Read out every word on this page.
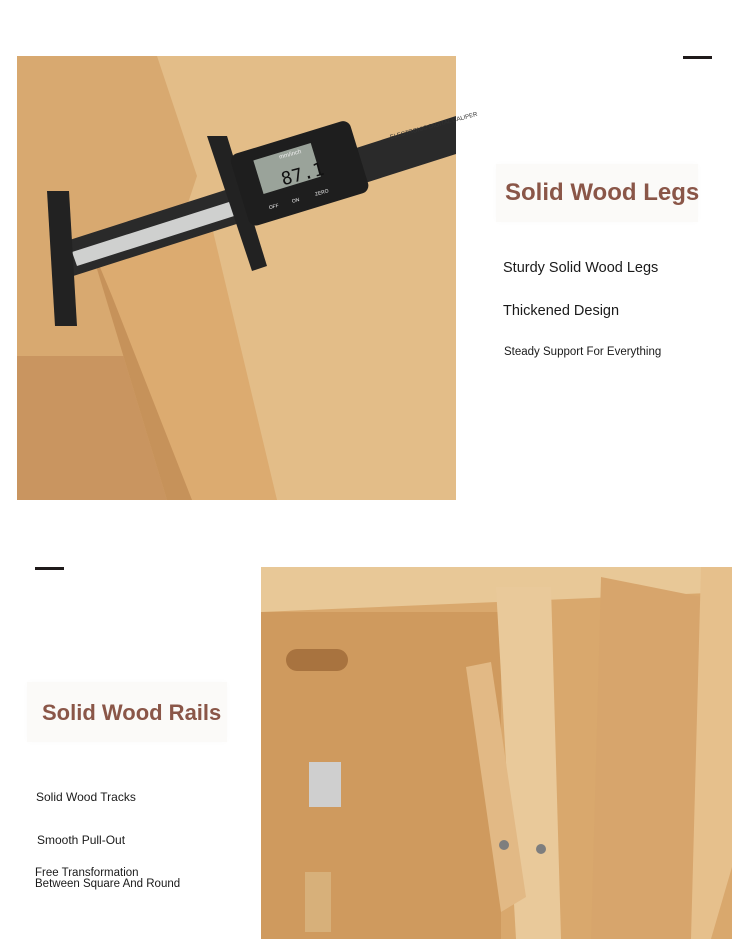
ELECTRONIC DIGITAL CALIPER
mm/inch
87.1
OFF
ON
ZERO	Solid Wood Legs
Sturdy Solid Wood Legs
Thickened Design
Steady Support For Everything
Solid Wood Rails
Solid Wood Tracks
Smooth Pull-Out
Free Transformation
Between Square And Round
